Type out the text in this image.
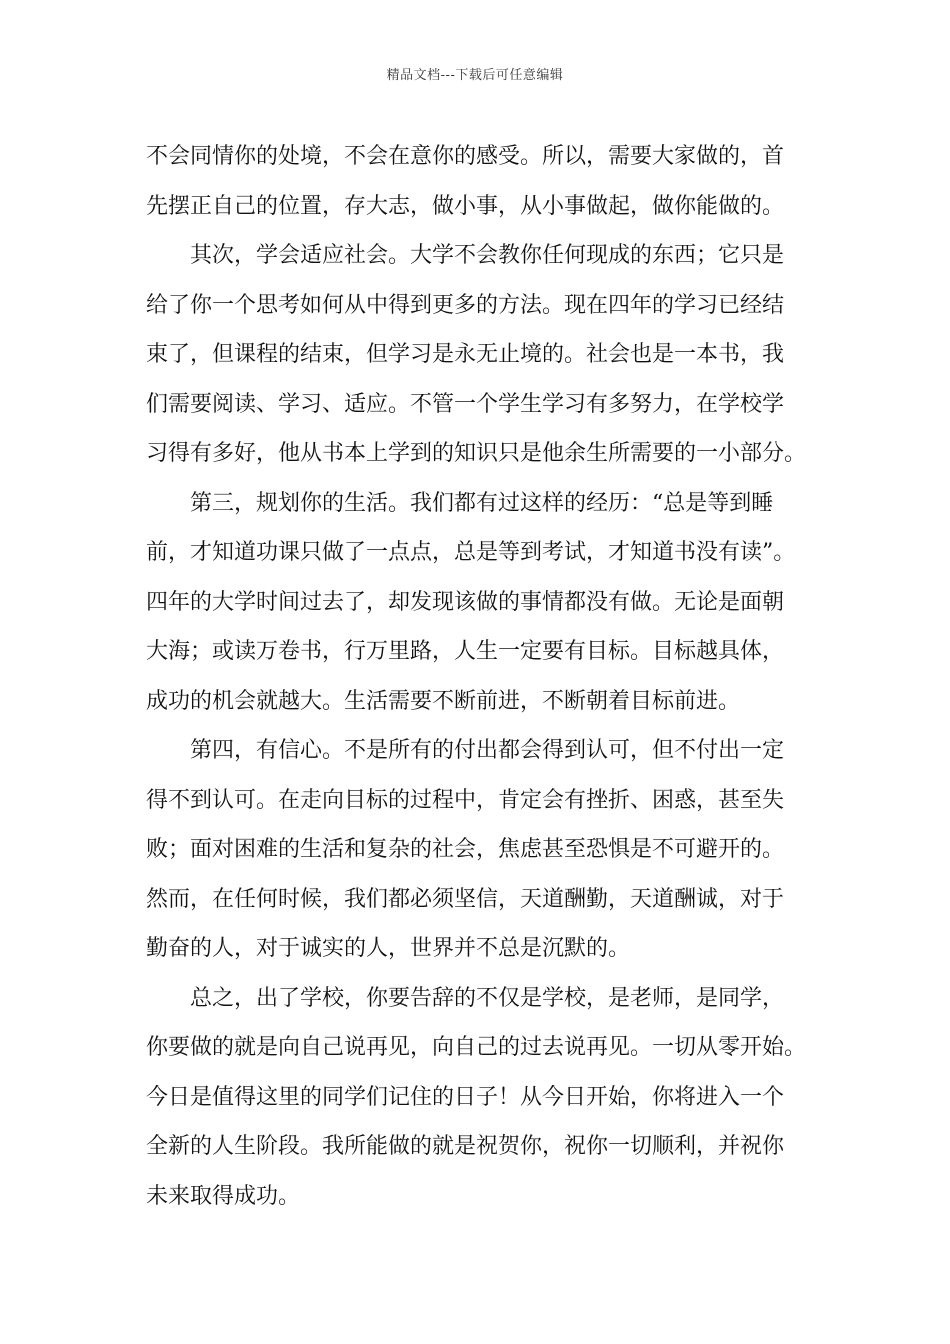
精品文档---下载后可任意编辑
不会同情你的处境，不会在意你的感受。所以，需要大家做的，首
先摆正自己的位置，存大志，做小事，从小事做起，做你能做的。
其次，学会适应社会。大学不会教你任何现成的东西；它只是
给了你一个思考如何从中得到更多的方法。现在四年的学习已经结
束了，但课程的结束，但学习是永无止境的。社会也是一本书，我
们需要阅读、学习、适应。不管一个学生学习有多努力，在学校学
习得有多好，他从书本上学到的知识只是他余生所需要的一小部分。
第三，规划你的生活。我们都有过这样的经历：“总是等到睡
前，才知道功课只做了一点点，总是等到考试，才知道书没有读”。
四年的大学时间过去了，却发现该做的事情都没有做。无论是面朝
大海；或读万卷书，行万里路，人生一定要有目标。目标越具体，
成功的机会就越大。生活需要不断前进，不断朝着目标前进。
第四，有信心。不是所有的付出都会得到认可，但不付出一定
得不到认可。在走向目标的过程中，肯定会有挫折、困惑，甚至失
败；面对困难的生活和复杂的社会，焦虑甚至恐惧是不可避开的。
然而，在任何时候，我们都必须坚信，天道酬勤，天道酬诚，对于
勤奋的人，对于诚实的人，世界并不总是沉默的。
总之，出了学校，你要告辞的不仅是学校，是老师，是同学，
你要做的就是向自己说再见，向自己的过去说再见。一切从零开始。
今日是值得这里的同学们记住的日子！从今日开始，你将进入一个
全新的人生阶段。我所能做的就是祝贺你，祝你一切顺利，并祝你
未来取得成功。
